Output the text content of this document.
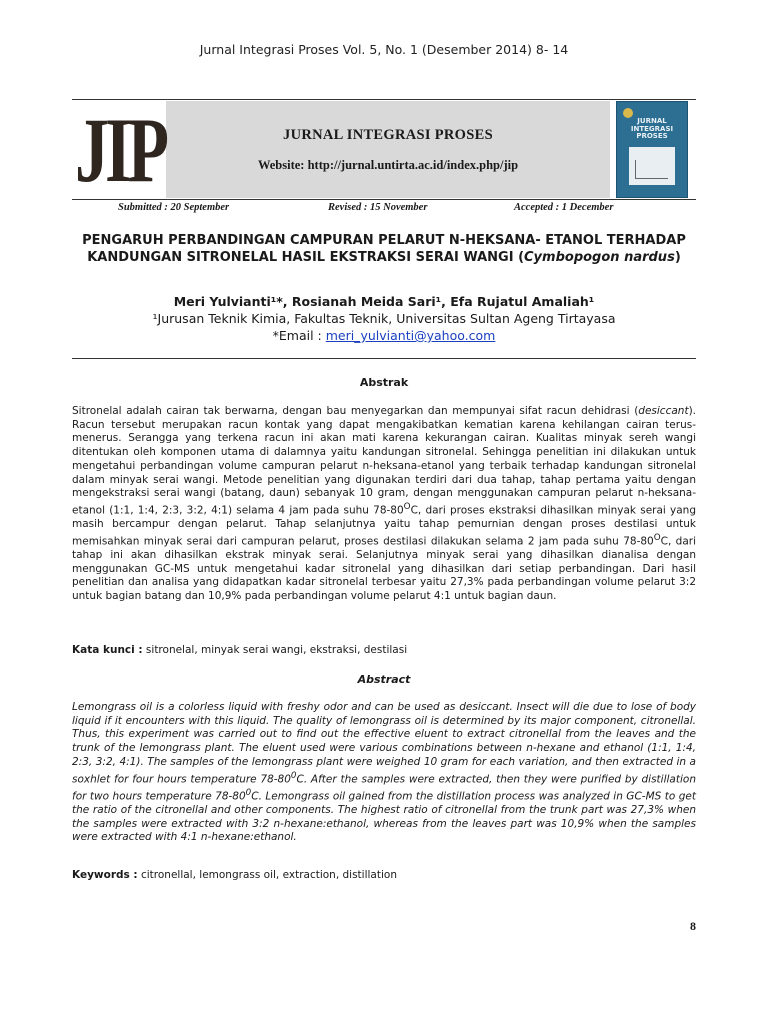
Jurnal Integrasi Proses Vol. 5, No. 1 (Desember 2014) 8- 14
JIP	JURNAL INTEGRASI PROSES
Website: http://jurnal.untirta.ac.id/index.php/jip
JURNAL INTEGRASI PROSES
Submitted : 20 September	Revised : 15 November	Accepted : 1 December
PENGARUH PERBANDINGAN CAMPURAN PELARUT N-HEKSANA- ETANOL TERHADAP
KANDUNGAN SITRONELAL HASIL EKSTRAKSI SERAI WANGI (Cymbopogon nardus)
Meri Yulvianti¹*, Rosianah Meida Sari¹, Efa Rujatul Amaliah¹
¹Jurusan Teknik Kimia, Fakultas Teknik, Universitas Sultan Ageng Tirtayasa
*Email : meri_yulvianti@yahoo.com
Abstrak
Sitronelal adalah cairan tak berwarna, dengan bau menyegarkan dan mempunyai sifat racun dehidrasi (desiccant). Racun tersebut merupakan racun kontak yang dapat mengakibatkan kematian karena kehilangan cairan terus- menerus. Serangga yang terkena racun ini akan mati karena kekurangan cairan. Kualitas minyak sereh wangi ditentukan oleh komponen utama di dalamnya yaitu kandungan sitronelal. Sehingga penelitian ini dilakukan untuk mengetahui perbandingan volume campuran pelarut n-heksana-etanol yang terbaik terhadap kandungan sitronelal dalam minyak serai wangi. Metode penelitian yang digunakan terdiri dari dua tahap, tahap pertama yaitu dengan mengekstraksi serai wangi (batang, daun) sebanyak 10 gram, dengan menggunakan campuran pelarut n-heksana-etanol (1:1, 1:4, 2:3, 3:2, 4:1) selama 4 jam pada suhu $78-80^OC$, dari proses ekstraksi dihasilkan minyak serai yang masih bercampur dengan pelarut. Tahap selanjutnya yaitu tahap pemurnian dengan proses destilasi untuk memisahkan minyak serai dari campuran pelarut, proses destilasi dilakukan selama 2 jam pada suhu $78-80^OC$, dari tahap ini akan dihasilkan ekstrak minyak serai. Selanjutnya minyak serai yang dihasilkan dianalisa dengan menggunakan GC-MS untuk mengetahui kadar sitronelal yang dihasilkan dari setiap perbandingan. Dari hasil penelitian dan analisa yang didapatkan kadar sitronelal terbesar yaitu 27,3% pada perbandingan volume pelarut 3:2 untuk bagian batang dan 10,9% pada perbandingan volume pelarut 4:1 untuk bagian daun.
Kata kunci : sitronelal, minyak serai wangi, ekstraksi, destilasi
Abstract
Lemongrass oil is a colorless liquid with freshy odor and can be used as desiccant. Insect will die due to lose of body liquid if it encounters with this liquid. The quality of lemongrass oil is determined by its major component, citronellal. Thus, this experiment was carried out to find out the effective eluent to extract citronellal from the leaves and the trunk of the lemongrass plant. The eluent used were various combinations between n-hexane and ethanol (1:1, 1:4, 2:3, 3:2, 4:1). The samples of the lemongrass plant were weighed 10 gram for each variation, and then extracted in a soxhlet for four hours temperature $78-80^0C$. After the samples were extracted, then they were purified by distillation for two hours temperature $78-80^0C$. Lemongrass oil gained from the distillation process was analyzed in GC-MS to get the ratio of the citronellal and other components. The highest ratio of citronellal from the trunk part was 27,3% when the samples were extracted with 3:2 n-hexane:ethanol, whereas from the leaves part was 10,9% when the samples were extracted with 4:1 n-hexane:ethanol.
Keywords : citronellal, lemongrass oil, extraction, distillation
8
